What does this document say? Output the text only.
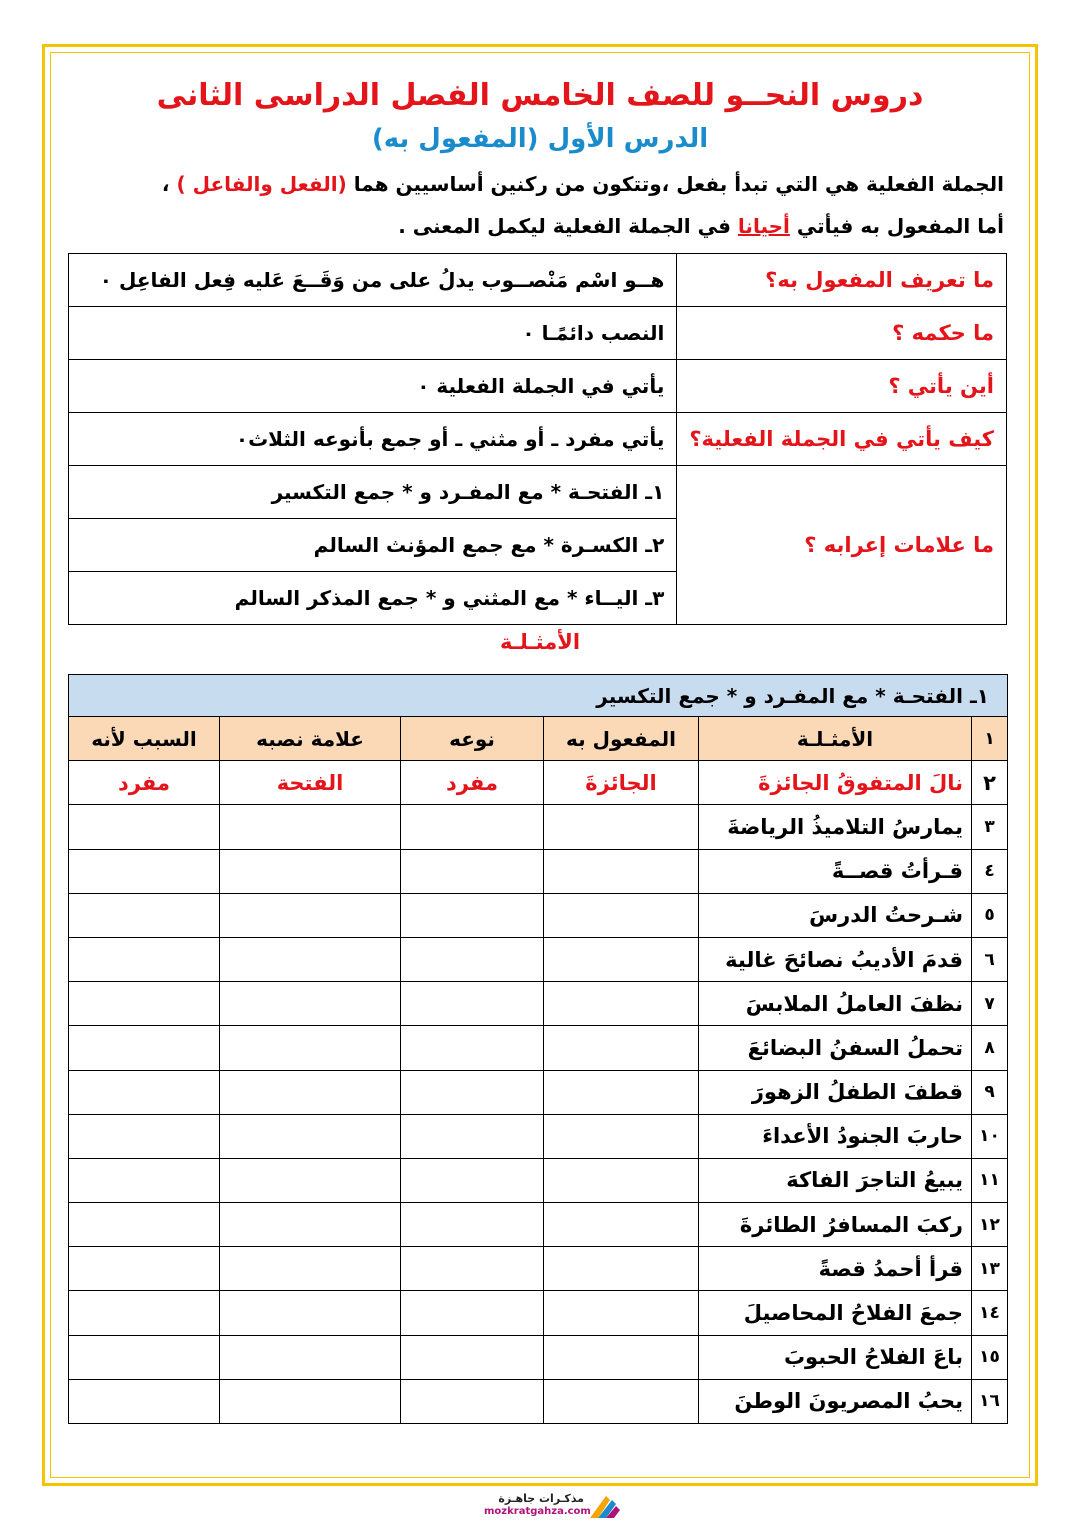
دروس النحــو للصف الخامس الفصل الدراسى الثانى
الدرس الأول (المفعول به)
الجملة الفعلية هي التي تبدأ بفعل ،وتتكون من ركنين أساسيين هما (الفعل والفاعل ) ،
أما المفعول به فيأتي أحيانا في الجملة الفعلية ليكمل المعنى .
ما تعريف المفعول به؟	هــو اسْم مَنْصــوب يدلُ على من وَقَــعَ عَليه فِعل الفاعِل ٠
ما حكمه ؟	النصب دائمًـا ٠
أين يأتي ؟	يأتي في الجملة الفعلية ٠
كيف يأتي في الجملة الفعلية؟	يأتي مفرد ـ أو مثني ـ أو جمع بأنوعه الثلاث٠
ما علامات إعرابه ؟	١ـ الفتحـة * مع المفـرد و * جمع التكسير
	٢ـ الكسـرة * مع جمع المؤنث السالم
	٣ـ اليــاء * مع المثني و * جمع المذكر السالم
الأمثـلـة
١ـ الفتحـة * مع المفـرد و * جمع التكسير					
١	الأمثـلـة	المفعول به	نوعه	علامة نصبه	السبب لأنه
٢	نالَ المتفوقُ الجائزةَ	الجائزةَ	مفرد	الفتحة	مفرد
٣	يمارسُ التلاميذُ الرياضةَ				
٤	قـرأتُ قصــةً				
٥	شـرحتُ الدرسَ				
٦	قدمَ الأديبُ نصائحَ غالية				
٧	نظفَ العاملُ الملابسَ				
٨	تحملُ السفنُ البضائعَ				
٩	قطفَ الطفلُ الزهورَ				
١٠	حاربَ الجنودُ الأعداءَ				
١١	يبيعُ التاجرَ الفاكهَ				
١٢	ركبَ المسافرُ الطائرةَ				
١٣	قرأ أحمدُ قصةً				
١٤	جمعَ الفلاحُ المحاصيلَ				
١٥	باعَ الفلاحُ الحبوبَ				
١٦	يحبُ المصريونَ الوطنَ				
مذكـرات جاهـزة
mozkratgahza.com
